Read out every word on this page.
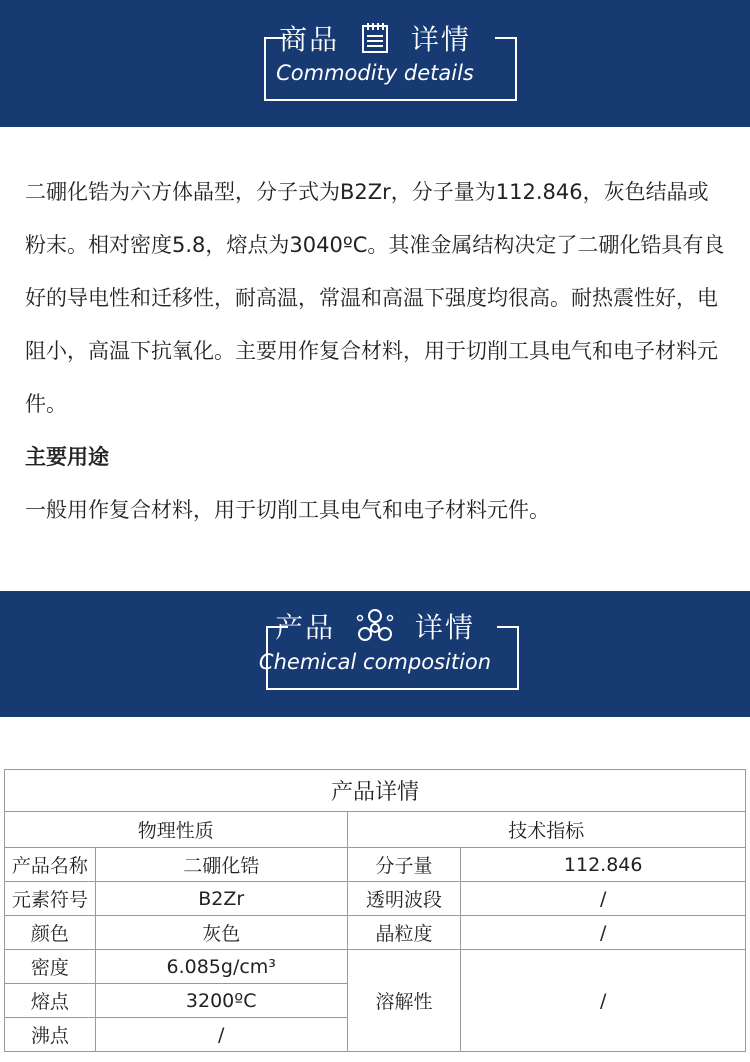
商品	详情
Commodity details

二硼化锆为六方体晶型，分子式为B2Zr，分子量为112.846，灰色结晶或粉末。相对密度5.8，熔点为3040ºC。其准金属结构决定了二硼化锆具有良好的导电性和迁移性，耐高温，常温和高温下强度均很高。耐热震性好，电阻小，高温下抗氧化。主要用作复合材料，用于切削工具电气和电子材料元件。

主要用途

一般用作复合材料，用于切削工具电气和电子材料元件。

产品	详情
Chemical composition
产品详情			
物理性质		技术指标	
产品名称	二硼化锆	分子量	112.846
元素符号	B2Zr	透明波段	/
颜色	灰色	晶粒度	/
密度	6.085g/cm³	溶解性	/
熔点	3200ºC		
沸点	/		
